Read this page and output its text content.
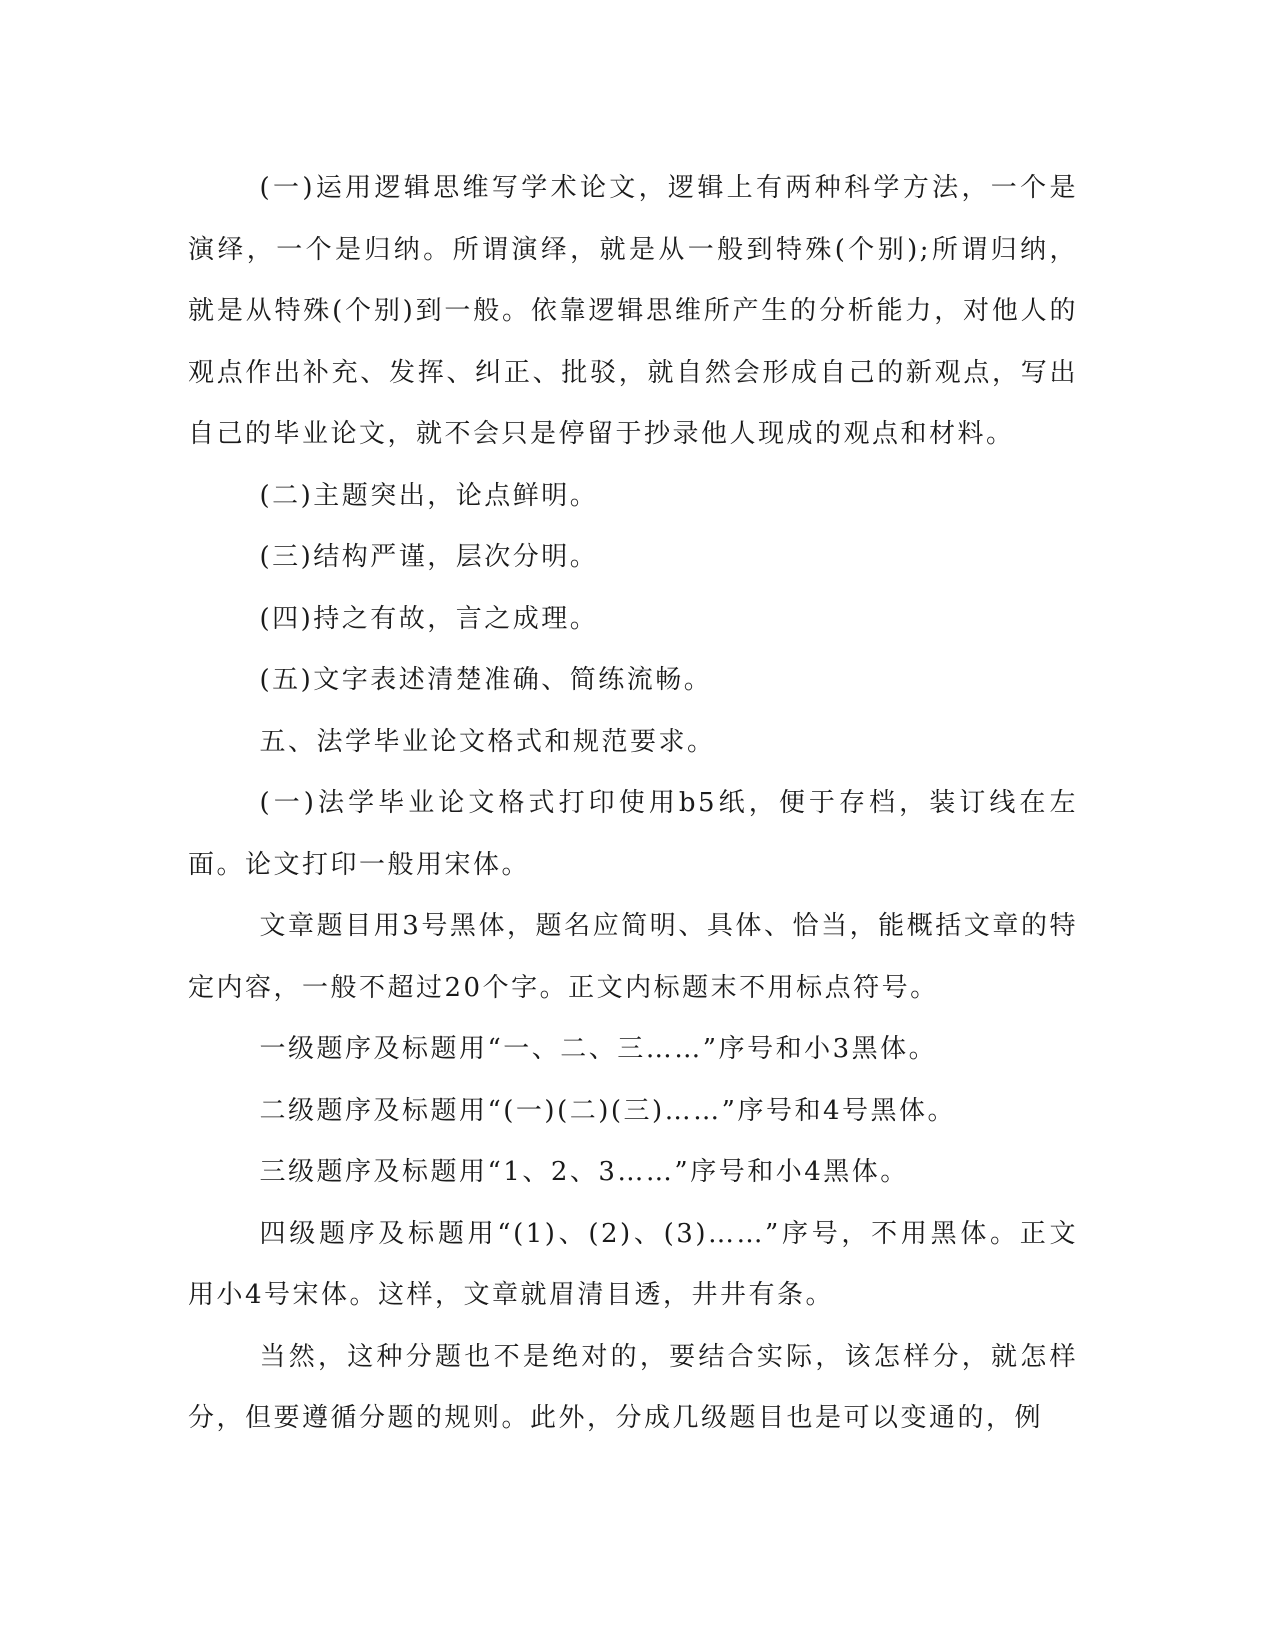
(一)运用逻辑思维写学术论文，逻辑上有两种科学方法，一个是演绎，一个是归纳。所谓演绎，就是从一般到特殊(个别);所谓归纳，就是从特殊(个别)到一般。依靠逻辑思维所产生的分析能力，对他人的观点作出补充、发挥、纠正、批驳，就自然会形成自己的新观点，写出自己的毕业论文，就不会只是停留于抄录他人现成的观点和材料。

(二)主题突出，论点鲜明。

(三)结构严谨，层次分明。

(四)持之有故，言之成理。

(五)文字表述清楚准确、简练流畅。

五、法学毕业论文格式和规范要求。

(一)法学毕业论文格式打印使用b5纸，便于存档，装订线在左面。论文打印一般用宋体。

文章题目用3号黑体，题名应简明、具体、恰当，能概括文章的特定内容，一般不超过20个字。正文内标题末不用标点符号。

一级题序及标题用“一、二、三……”序号和小3黑体。

二级题序及标题用“(一)(二)(三)……”序号和4号黑体。

三级题序及标题用“1、2、3……”序号和小4黑体。

四级题序及标题用“(1)、(2)、(3)……”序号，不用黑体。正文用小4号宋体。这样，文章就眉清目透，井井有条。

当然，这种分题也不是绝对的，要结合实际，该怎样分，就怎样分，但要遵循分题的规则。此外，分成几级题目也是可以变通的，例
